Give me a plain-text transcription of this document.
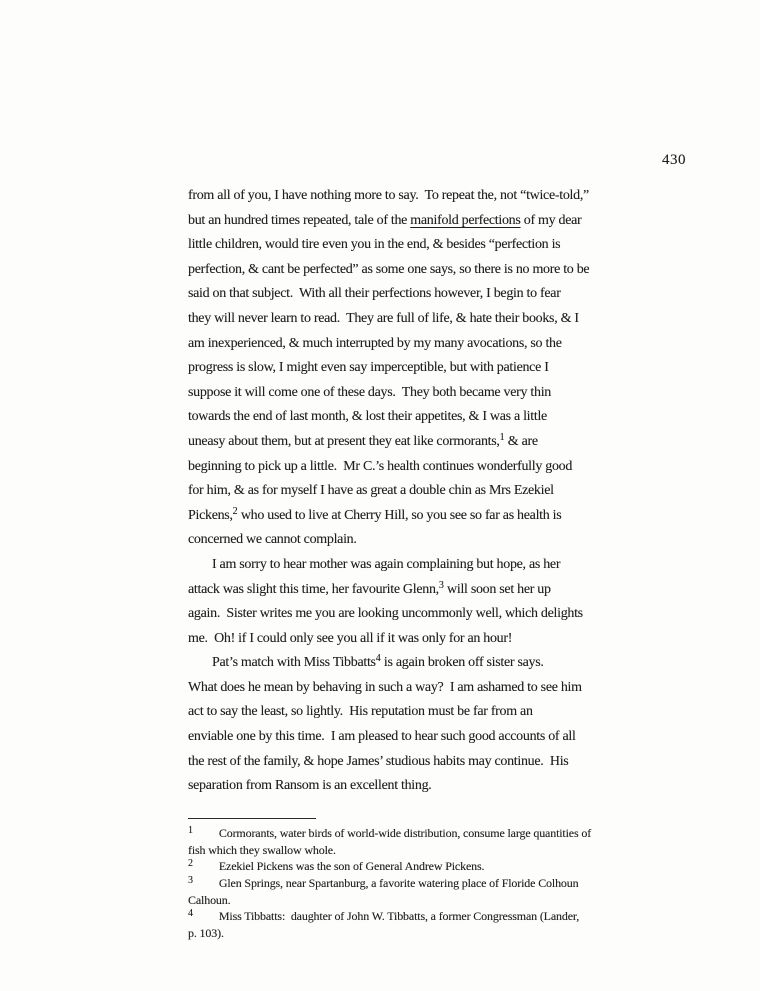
430
from all of you, I have nothing more to say.  To repeat the, not “twice-told,”
but an hundred times repeated, tale of the manifold perfections of my dear
little children, would tire even you in the end, & besides “perfection is
perfection, & cant be perfected” as some one says, so there is no more to be
said on that subject.  With all their perfections however, I begin to fear
they will never learn to read.  They are full of life, & hate their books, & I
am inexperienced, & much interrupted by my many avocations, so the
progress is slow, I might even say imperceptible, but with patience I
suppose it will come one of these days.  They both became very thin
towards the end of last month, & lost their appetites, & I was a little
uneasy about them, but at present they eat like cormorants,$^1$ & are
beginning to pick up a little.  Mr C.’s health continues wonderfully good
for him, & as for myself I have as great a double chin as Mrs Ezekiel
Pickens,$^2$ who used to live at Cherry Hill, so you see so far as health is
concerned we cannot complain.
I am sorry to hear mother was again complaining but hope, as her
attack was slight this time, her favourite Glenn,$^3$ will soon set her up
again.  Sister writes me you are looking uncommonly well, which delights
me.  Oh! if I could only see you all if it was only for an hour!
Pat’s match with Miss Tibbatts$^4$ is again broken off sister says.
What does he mean by behaving in such a way?  I am ashamed to see him
act to say the least, so lightly.  His reputation must be far from an
enviable one by this time.  I am pleased to hear such good accounts of all
the rest of the family, & hope James’ studious habits may continue.  His
separation from Ransom is an excellent thing.
$^1$ Cormorants, water birds of world-wide distribution, consume large quantities of
fish which they swallow whole.
$^2$ Ezekiel Pickens was the son of General Andrew Pickens.
$^3$ Glen Springs, near Spartanburg, a favorite watering place of Floride Colhoun
Calhoun.
$^4$ Miss Tibbatts:  daughter of John W. Tibbatts, a former Congressman (Lander,
p. 103).
